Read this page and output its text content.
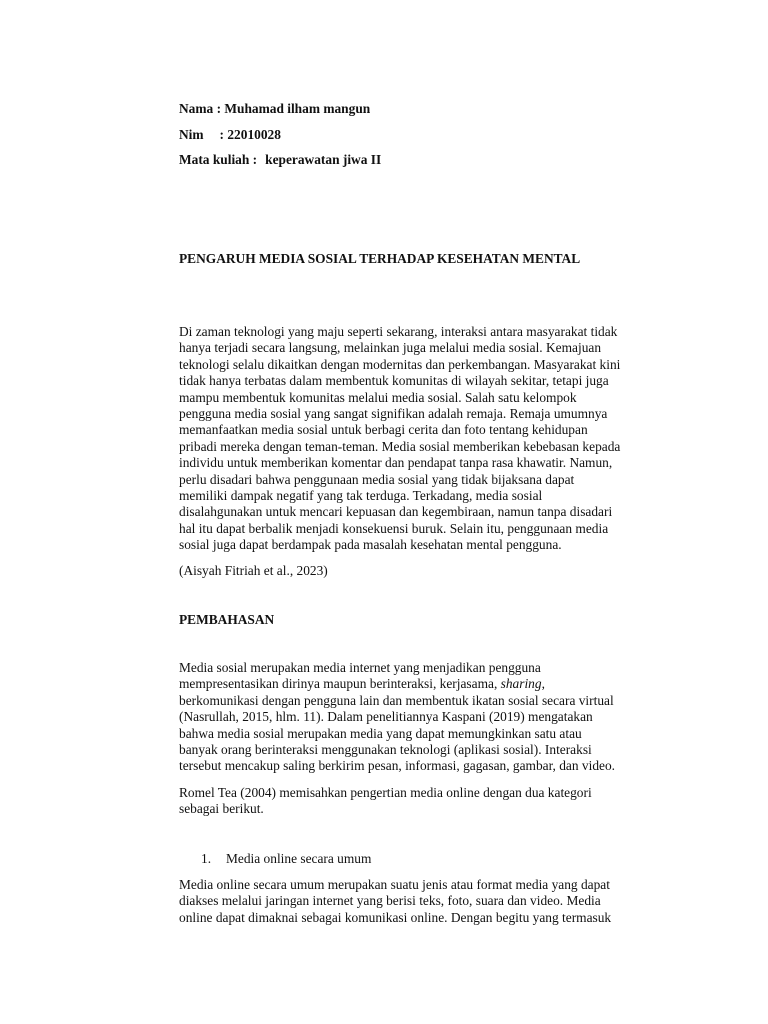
Nama : Muhamad ilham mangun
Nim : 22010028
Mata kuliah : keperawatan jiwa II
PENGARUH MEDIA SOSIAL TERHADAP KESEHATAN MENTAL
Di zaman teknologi yang maju seperti sekarang, interaksi antara masyarakat tidak
hanya terjadi secara langsung, melainkan juga melalui media sosial. Kemajuan
teknologi selalu dikaitkan dengan modernitas dan perkembangan. Masyarakat kini
tidak hanya terbatas dalam membentuk komunitas di wilayah sekitar, tetapi juga
mampu membentuk komunitas melalui media sosial. Salah satu kelompok
pengguna media sosial yang sangat signifikan adalah remaja. Remaja umumnya
memanfaatkan media sosial untuk berbagi cerita dan foto tentang kehidupan
pribadi mereka dengan teman-teman. Media sosial memberikan kebebasan kepada
individu untuk memberikan komentar dan pendapat tanpa rasa khawatir. Namun,
perlu disadari bahwa penggunaan media sosial yang tidak bijaksana dapat
memiliki dampak negatif yang tak terduga. Terkadang, media sosial
disalahgunakan untuk mencari kepuasan dan kegembiraan, namun tanpa disadari
hal itu dapat berbalik menjadi konsekuensi buruk. Selain itu, penggunaan media
sosial juga dapat berdampak pada masalah kesehatan mental pengguna.
(Aisyah Fitriah et al., 2023)
PEMBAHASAN
Media sosial merupakan media internet yang menjadikan pengguna
mempresentasikan dirinya maupun berinteraksi, kerjasama, sharing,
berkomunikasi dengan pengguna lain dan membentuk ikatan sosial secara virtual
(Nasrullah, 2015, hlm. 11). Dalam penelitiannya Kaspani (2019) mengatakan
bahwa media sosial merupakan media yang dapat memungkinkan satu atau
banyak orang berinteraksi menggunakan teknologi (aplikasi sosial). Interaksi
tersebut mencakup saling berkirim pesan, informasi, gagasan, gambar, dan video.
Romel Tea (2004) memisahkan pengertian media online dengan dua kategori
sebagai berikut.
1. Media online secara umum
Media online secara umum merupakan suatu jenis atau format media yang dapat
diakses melalui jaringan internet yang berisi teks, foto, suara dan video. Media
online dapat dimaknai sebagai komunikasi online. Dengan begitu yang termasuk
